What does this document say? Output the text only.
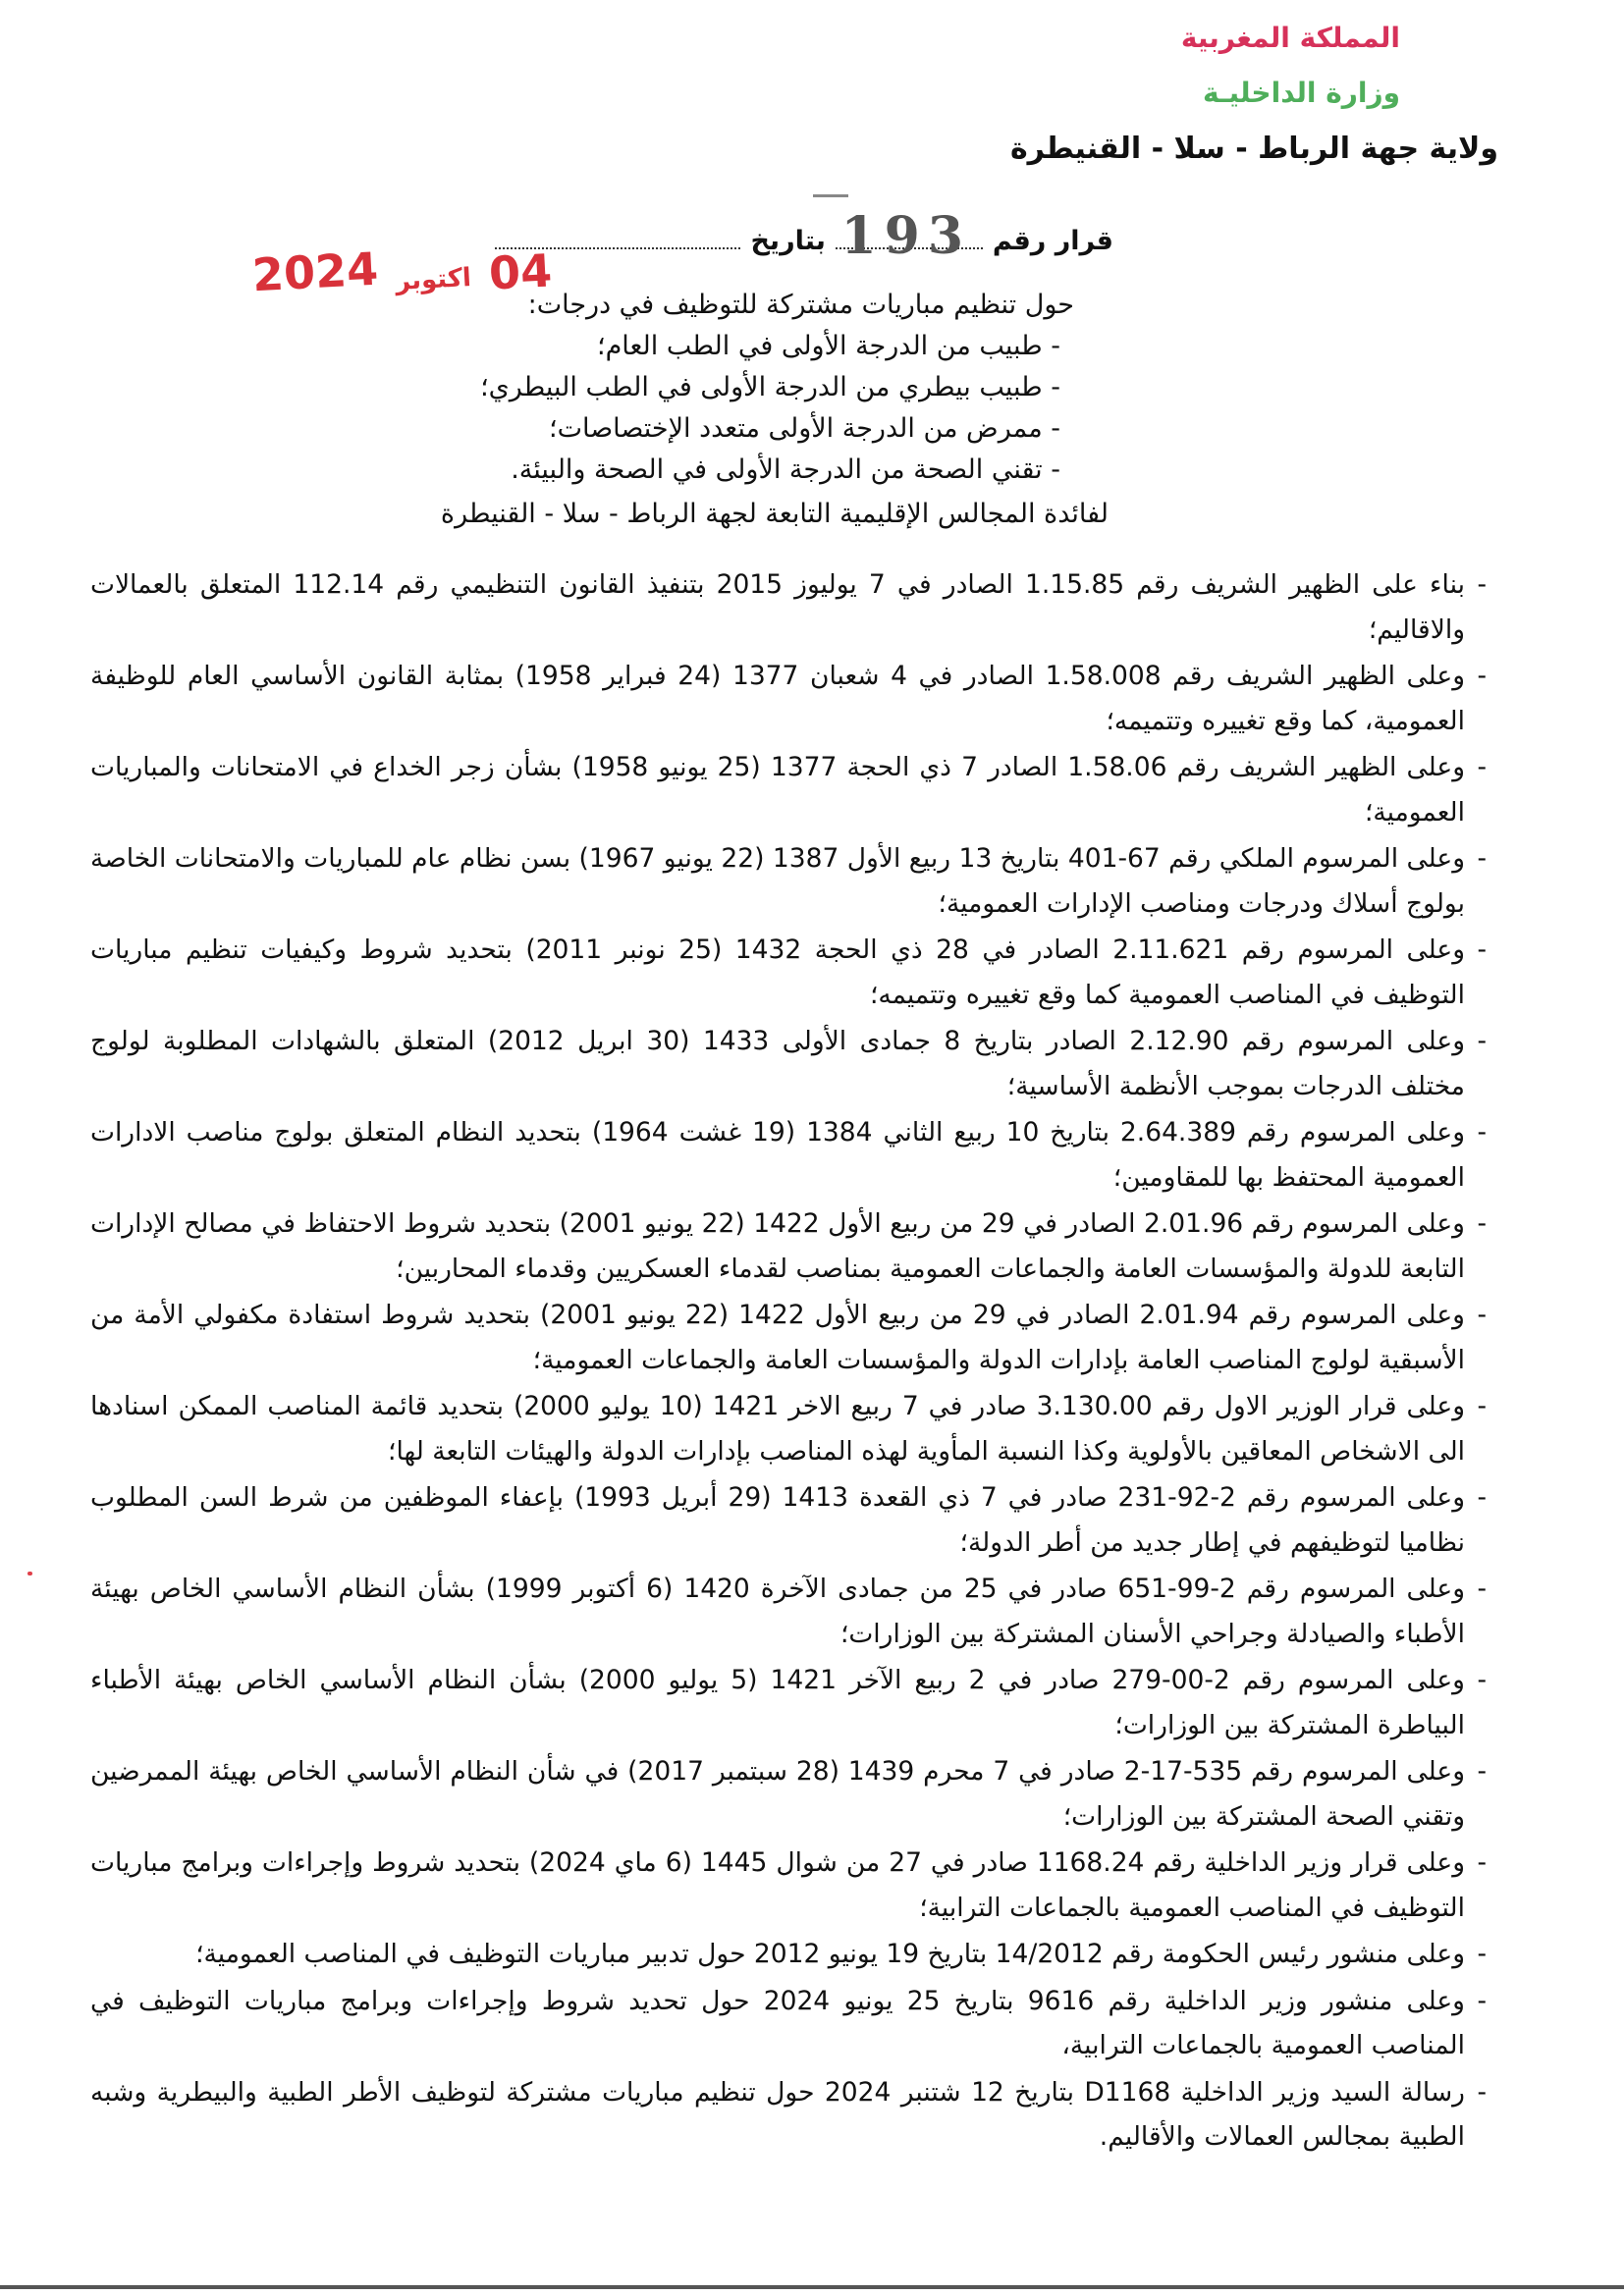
المملكة المغربية
وزارة الداخليـة
ولاية جهة الرباط - سلا - القنيطرة
قرار رقم
بتاريخ 193
2024 اكتوبر 04
حول تنظيم مباريات مشتركة للتوظيف في درجات:
- طبيب من الدرجة الأولى في الطب العام؛
- طبيب بيطري من الدرجة الأولى في الطب البيطري؛
- ممرض من الدرجة الأولى متعدد الإختصاصات؛
- تقني الصحة من الدرجة الأولى في الصحة والبيئة.
لفائدة المجالس الإقليمية التابعة لجهة الرباط - سلا - القنيطرة
-
بناء على الظهير الشريف رقم 1.15.85 الصادر في 7 يوليوز 2015 بتنفيذ القانون التنظيمي رقم 112.14 المتعلق بالعمالات والاقاليم؛
-
وعلى الظهير الشريف رقم 1.58.008 الصادر في 4 شعبان 1377 (24 فبراير 1958) بمثابة القانون الأساسي العام للوظيفة العمومية، كما وقع تغييره وتتميمه؛
-
وعلى الظهير الشريف رقم 1.58.06 الصادر 7 ذي الحجة 1377 (25 يونيو 1958) بشأن زجر الخداع في الامتحانات والمباريات العمومية؛
-
وعلى المرسوم الملكي رقم 67-401 بتاريخ 13 ربيع الأول 1387 (22 يونيو 1967) بسن نظام عام للمباريات والامتحانات الخاصة بولوج أسلاك ودرجات ومناصب الإدارات العمومية؛
-
وعلى المرسوم رقم 2.11.621 الصادر في 28 ذي الحجة 1432 (25 نونبر 2011) بتحديد شروط وكيفيات تنظيم مباريات التوظيف في المناصب العمومية كما وقع تغييره وتتميمه؛
-
وعلى المرسوم رقم 2.12.90 الصادر بتاريخ 8 جمادى الأولى 1433 (30 ابريل 2012) المتعلق بالشهادات المطلوبة لولوج مختلف الدرجات بموجب الأنظمة الأساسية؛
-
وعلى المرسوم رقم 2.64.389 بتاريخ 10 ربيع الثاني 1384 (19 غشت 1964) بتحديد النظام المتعلق بولوج مناصب الادارات العمومية المحتفظ بها للمقاومين؛
-
وعلى المرسوم رقم 2.01.96 الصادر في 29 من ربيع الأول 1422 (22 يونيو 2001) بتحديد شروط الاحتفاظ في مصالح الإدارات التابعة للدولة والمؤسسات العامة والجماعات العمومية بمناصب لقدماء العسكريين وقدماء المحاربين؛
-
وعلى المرسوم رقم 2.01.94 الصادر في 29 من ربيع الأول 1422 (22 يونيو 2001) بتحديد شروط استفادة مكفولي الأمة من الأسبقية لولوج المناصب العامة بإدارات الدولة والمؤسسات العامة والجماعات العمومية؛
-
وعلى قرار الوزير الاول رقم 3.130.00 صادر في 7 ربيع الاخر 1421 (10 يوليو 2000) بتحديد قائمة المناصب الممكن اسنادها الى الاشخاص المعاقين بالأولوية وكذا النسبة المأوية لهذه المناصب بإدارات الدولة والهيئات التابعة لها؛
-
وعلى المرسوم رقم 2-92-231 صادر في 7 ذي القعدة 1413 (29 أبريل 1993) بإعفاء الموظفين من شرط السن المطلوب نظاميا لتوظيفهم في إطار جديد من أطر الدولة؛
-
وعلى المرسوم رقم 2-99-651 صادر في 25 من جمادى الآخرة 1420 (6 أكتوبر 1999) بشأن النظام الأساسي الخاص بهيئة الأطباء والصيادلة وجراحي الأسنان المشتركة بين الوزارات؛
-
وعلى المرسوم رقم 2-00-279 صادر في 2 ربيع الآخر 1421 (5 يوليو 2000) بشأن النظام الأساسي الخاص بهيئة الأطباء البياطرة المشتركة بين الوزارات؛
-
وعلى المرسوم رقم 535-17-2 صادر في 7 محرم 1439 (28 سبتمبر 2017) في شأن النظام الأساسي الخاص بهيئة الممرضين وتقني الصحة المشتركة بين الوزارات؛
-
وعلى قرار وزير الداخلية رقم 1168.24 صادر في 27 من شوال 1445 (6 ماي 2024) بتحديد شروط وإجراءات وبرامج مباريات التوظيف في المناصب العمومية بالجماعات الترابية؛
-
وعلى منشور رئيس الحكومة رقم 14/2012 بتاريخ 19 يونيو 2012 حول تدبير مباريات التوظيف في المناصب العمومية؛
-
وعلى منشور وزير الداخلية رقم 9616 بتاريخ 25 يونيو 2024 حول تحديد شروط وإجراءات وبرامج مباريات التوظيف في المناصب العمومية بالجماعات الترابية،
-
رسالة السيد وزير الداخلية D1168 بتاريخ 12 شتنبر 2024 حول تنظيم مباريات مشتركة لتوظيف الأطر الطبية والبيطرية وشبه الطبية بمجالس العمالات والأقاليم.
